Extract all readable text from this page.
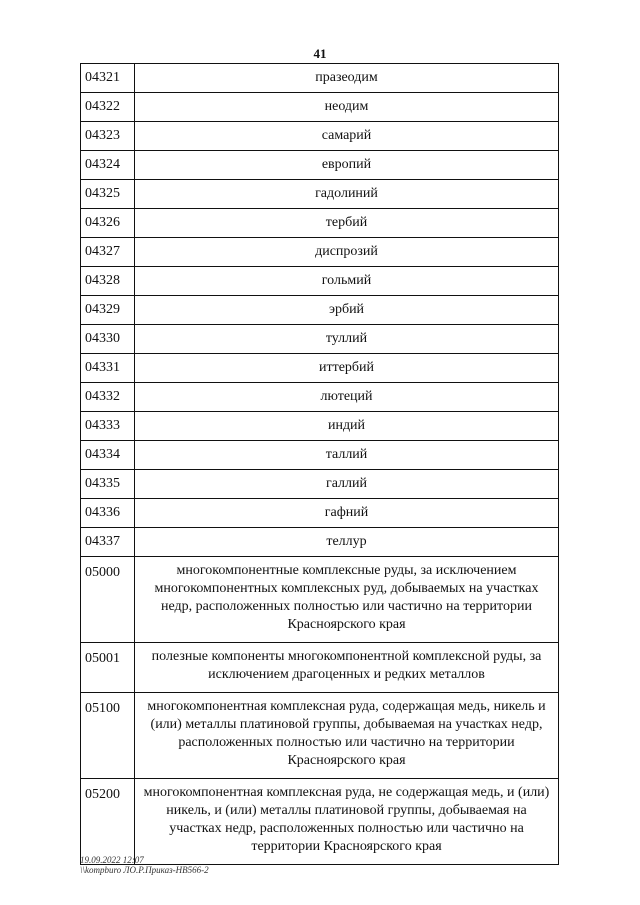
41
04321	празеодим
04322	неодим
04323	самарий
04324	европий
04325	гадолиний
04326	тербий
04327	диспрозий
04328	гольмий
04329	эрбий
04330	туллий
04331	иттербий
04332	лютеций
04333	индий
04334	таллий
04335	галлий
04336	гафний
04337	теллур
05000	многокомпонентные комплексные руды, за исключением многокомпонентных комплексных руд, добываемых на участках недр, расположенных полностью или частично на территории Красноярского края
05001	полезные компоненты многокомпонентной комплексной руды, за исключением драгоценных и редких металлов
05100	многокомпонентная комплексная руда, содержащая медь, никель и (или) металлы платиновой группы, добываемая на участках недр, расположенных полностью или частично на территории Красноярского края
05200	многокомпонентная комплексная руда, не содержащая медь, и (или) никель, и (или) металлы платиновой группы, добываемая на участках недр, расположенных полностью или частично на территории Красноярского края
19.09.2022 12:07
\\kompburo ЛО.Р.Приказ-НВ566-2
